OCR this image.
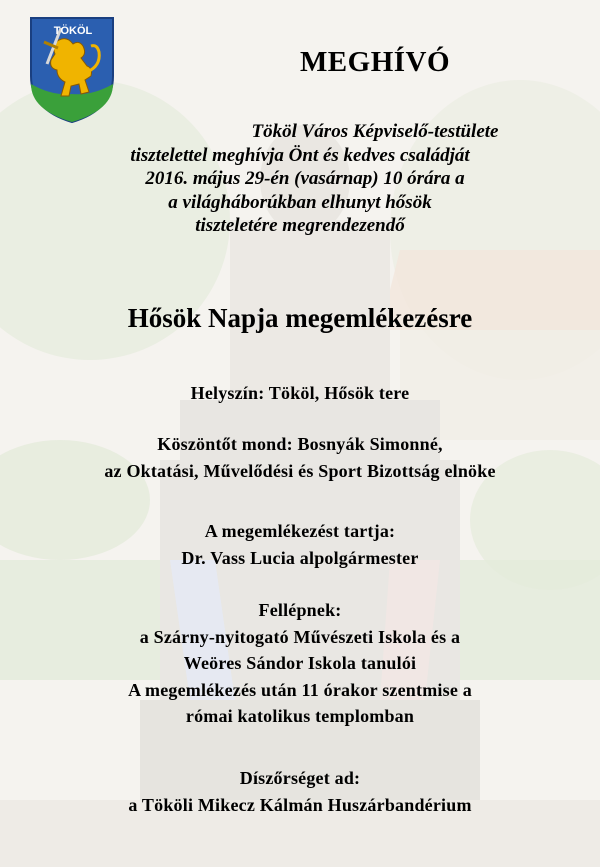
TÖKÖL
MEGHÍVÓ
Tököl Város Képviselő-testülete
tisztelettel meghívja Önt és kedves családját
2016. május 29-én (vasárnap) 10 órára a
a világháborúkban elhunyt hősök
tiszteletére megrendezendő
Hősök Napja megemlékezésre
Helyszín: Tököl, Hősök tere
Köszöntőt mond: Bosnyák Simonné,
az Oktatási, Művelődési és Sport Bizottság elnöke
A megemlékezést tartja:
Dr. Vass Lucia alpolgármester
Fellépnek:
a Szárny-nyitogató Művészeti Iskola és a
Weöres Sándor Iskola tanulói
A megemlékezés után 11 órakor szentmise a
római katolikus templomban
Díszőrséget ad:
a Tököli Mikecz Kálmán Huszárbandérium
